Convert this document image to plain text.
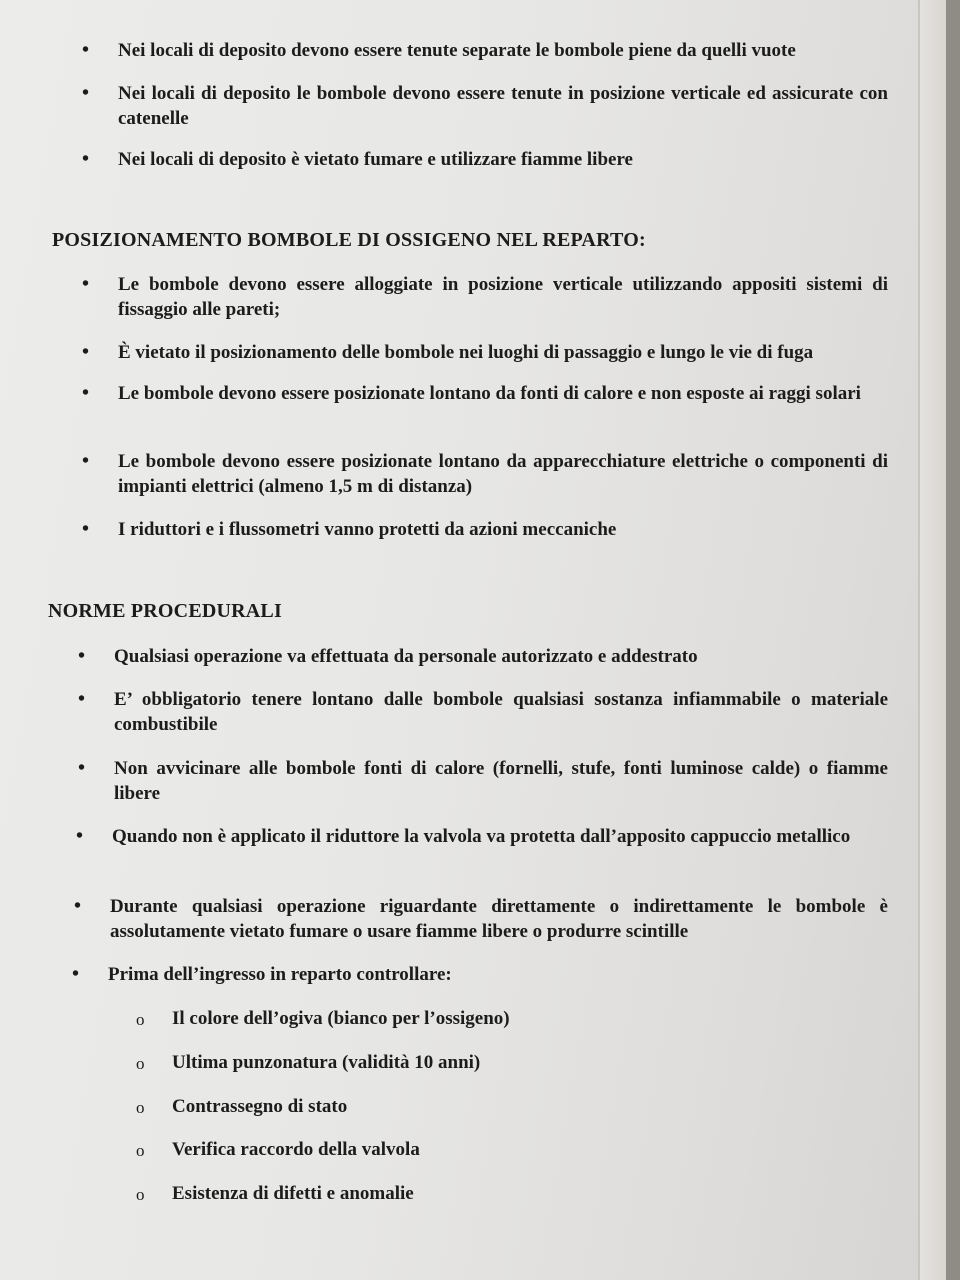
•	Nei locali di deposito devono essere tenute separate le bombole piene da quelli vuote
•	Nei locali di deposito le bombole devono essere tenute in posizione verticale ed assicurate con catenelle
•	Nei locali di deposito è vietato fumare e utilizzare fiamme libere
POSIZIONAMENTO BOMBOLE DI OSSIGENO NEL REPARTO:
•	Le bombole devono essere alloggiate in posizione verticale utilizzando appositi sistemi di fissaggio alle pareti;
•	È vietato il posizionamento delle bombole nei luoghi di passaggio e lungo le vie di fuga
•	Le bombole devono essere posizionate lontano da fonti di calore e non esposte ai raggi solari
•	Le bombole devono essere posizionate lontano da apparecchiature elettriche o componenti di impianti elettrici (almeno 1,5 m di distanza)
•	I riduttori e i flussometri vanno protetti da azioni meccaniche
NORME PROCEDURALI
•	Qualsiasi operazione va effettuata da personale autorizzato e addestrato
•	E’ obbligatorio tenere lontano dalle bombole qualsiasi sostanza infiammabile o materiale combustibile
•	Non avvicinare alle bombole fonti di calore (fornelli, stufe, fonti luminose calde) o fiamme libere
•	Quando non è applicato il riduttore la valvola va protetta dall’apposito cappuccio metallico
•	Durante qualsiasi operazione riguardante direttamente o indirettamente le bombole è assolutamente vietato fumare o usare fiamme libere o produrre scintille
•	Prima dell’ingresso in reparto controllare:
o	Il colore dell’ogiva (bianco per l’ossigeno)
o	Ultima punzonatura (validità 10 anni)
o	Contrassegno di stato
o	Verifica raccordo della valvola
o	Esistenza di difetti e anomalie
